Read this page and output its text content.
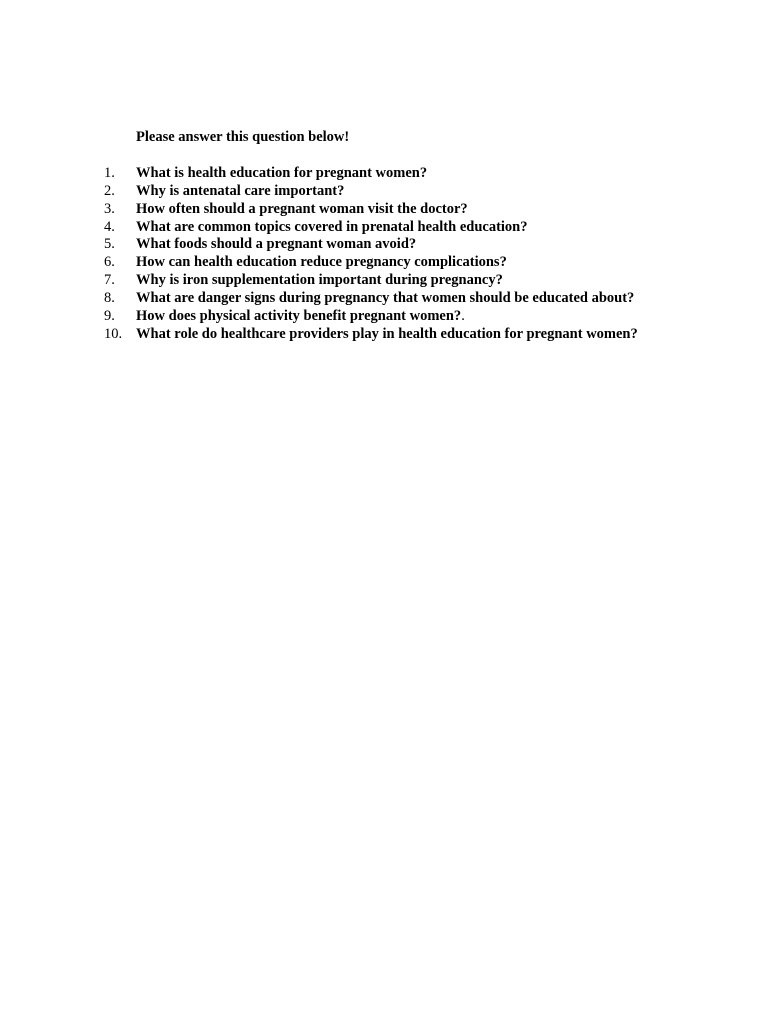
Please answer this question below!
1. What is health education for pregnant women?
2. Why is antenatal care important?
3. How often should a pregnant woman visit the doctor?
4. What are common topics covered in prenatal health education?
5. What foods should a pregnant woman avoid?
6. How can health education reduce pregnancy complications?
7. Why is iron supplementation important during pregnancy?
8. What are danger signs during pregnancy that women should be educated about?
9. How does physical activity benefit pregnant women?.
10. What role do healthcare providers play in health education for pregnant women?
